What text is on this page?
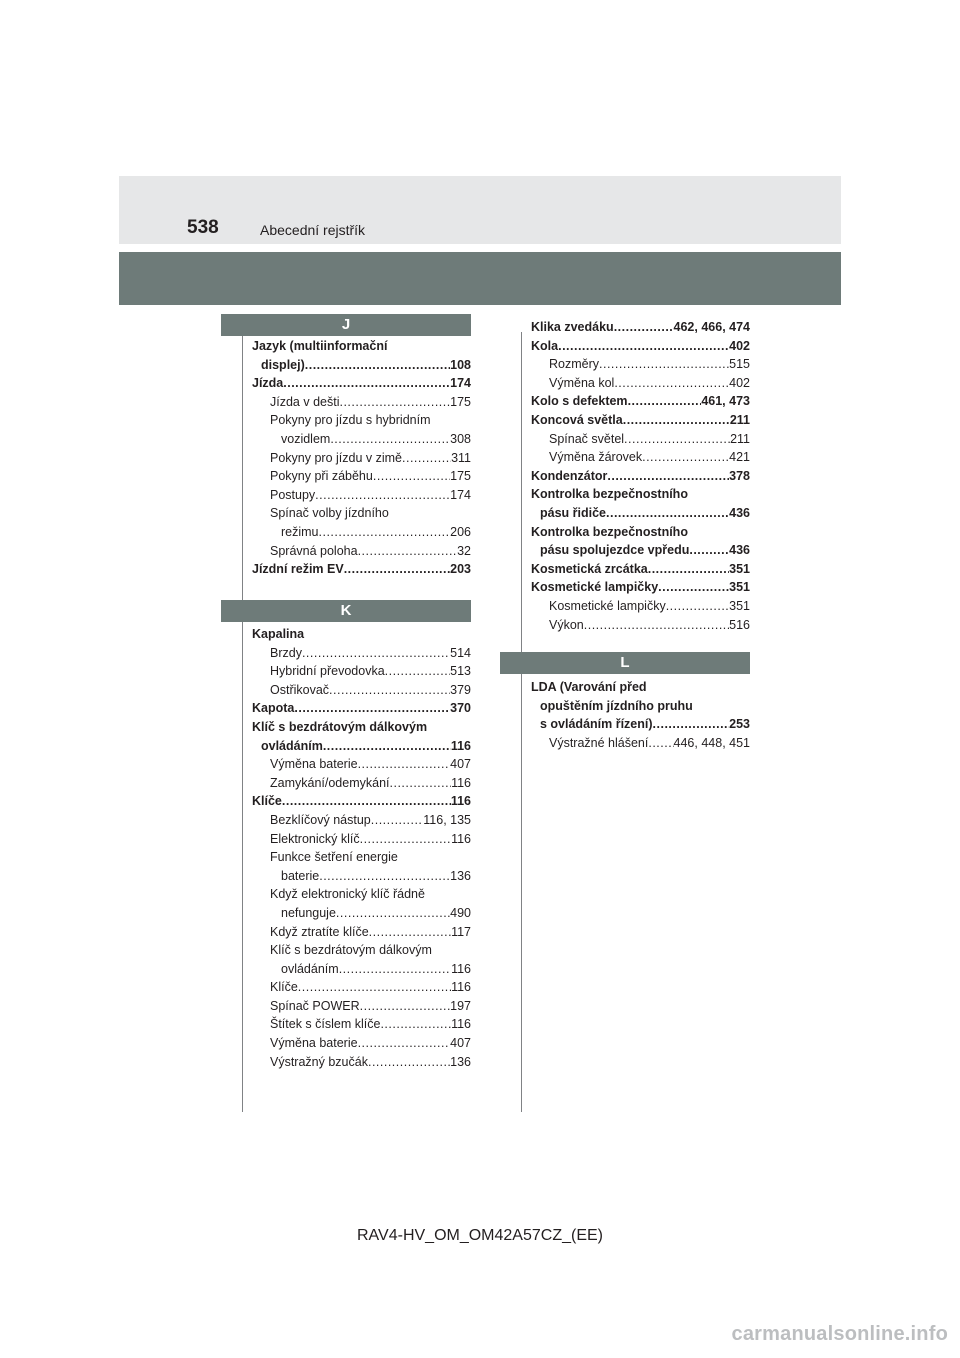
538	Abecední rejstřík
J
K
L
Jazyk (multiinformační
displej) .....	108
Jízda .....	174
Jízda v dešti .....	175
Pokyny pro jízdu s hybridním
vozidlem .....	308
Pokyny pro jízdu v zimě .....	311
Pokyny při záběhu .....	175
Postupy .....	174
Spínač volby jízdního
režimu .....	206
Správná poloha .....	32
Jízdní režim EV .....	203
Kapalina
Brzdy .....	514
Hybridní převodovka .....	513
Ostřikovač .....	379
Kapota .....	370
Klíč s bezdrátovým dálkovým
ovládáním .....	116
Výměna baterie .....	407
Zamykání/odemykání .....	116
Klíče .....	116
Bezklíčový nástup .....	116, 135
Elektronický klíč .....	116
Funkce šetření energie
baterie .....	136
Když elektronický klíč řádně
nefunguje .....	490
Když ztratíte klíče .....	117
Klíč s bezdrátovým dálkovým
ovládáním .....	116
Klíče .....	116
Spínač POWER .....	197
Štítek s číslem klíče .....	116
Výměna baterie .....	407
Výstražný bzučák .....	136
Klika zvedáku .....	462, 466, 474
Kola .....	402
Rozměry .....	515
Výměna kol .....	402
Kolo s defektem .....	461, 473
Koncová světla .....	211
Spínač světel .....	211
Výměna žárovek .....	421
Kondenzátor .....	378
Kontrolka bezpečnostního
pásu řidiče .....	436
Kontrolka bezpečnostního
pásu spolujezdce vpředu .....	436
Kosmetická zrcátka .....	351
Kosmetické lampičky .....	351
Kosmetické lampičky .....	351
Výkon .....	516
LDA (Varování před
opuštěním jízdního pruhu
s ovládáním řízení) .....	253
Výstražné hlášení ..... 446, 448, 451
RAV4-HV_OM_OM42A57CZ_(EE)
carmanualsonline.info
